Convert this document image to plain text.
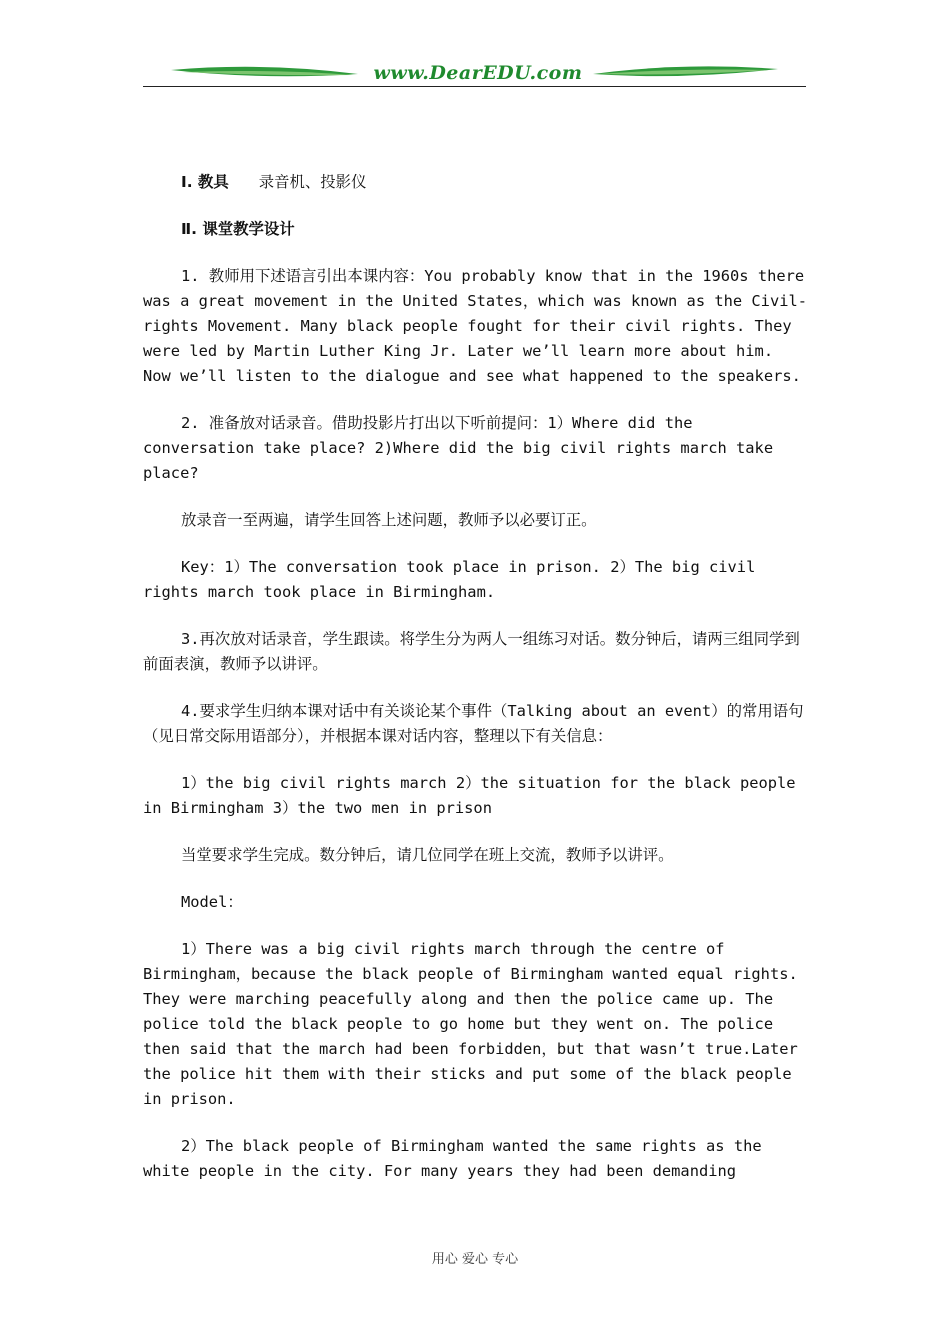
www.DearEDU.com

Ⅰ. 教具 录音机、投影仪

Ⅱ. 课堂教学设计

1. 教师用下述语言引出本课内容：You probably know that in the 1960s there was a great movement in the United States，which was known as the Civil-rights Movement. Many black people fought for their civil rights. They were led by Martin Luther King Jr. Later we’ll learn more about him. Now we’ll listen to the dialogue and see what happened to the speakers.

2. 准备放对话录音。借助投影片打出以下听前提问：1）Where did the conversation take place? 2)Where did the big civil rights march take place?

放录音一至两遍，请学生回答上述问题，教师予以必要订正。

Key：1）The conversation took place in prison. 2）The big civil rights march took place in Birmingham.

3.再次放对话录音，学生跟读。将学生分为两人一组练习对话。数分钟后，请两三组同学到前面表演，教师予以讲评。

4.要求学生归纳本课对话中有关谈论某个事件（Talking about an event）的常用语句（见日常交际用语部分），并根据本课对话内容，整理以下有关信息：

1）the big civil rights march 2）the situation for the black people in Birmingham 3）the two men in prison

当堂要求学生完成。数分钟后，请几位同学在班上交流，教师予以讲评。

Model：

1）There was a big civil rights march through the centre of Birmingham，because the black people of Birmingham wanted equal rights. They were marching peacefully along and then the police came up. The police told the black people to go home but they went on. The police then said that the march had been forbidden，but that wasn’t true.Later the police hit them with their sticks and put some of the black people in prison.

2）The black people of Birmingham wanted the same rights as the white people in the city. For many years they had been demanding

用心 爱心 专心
